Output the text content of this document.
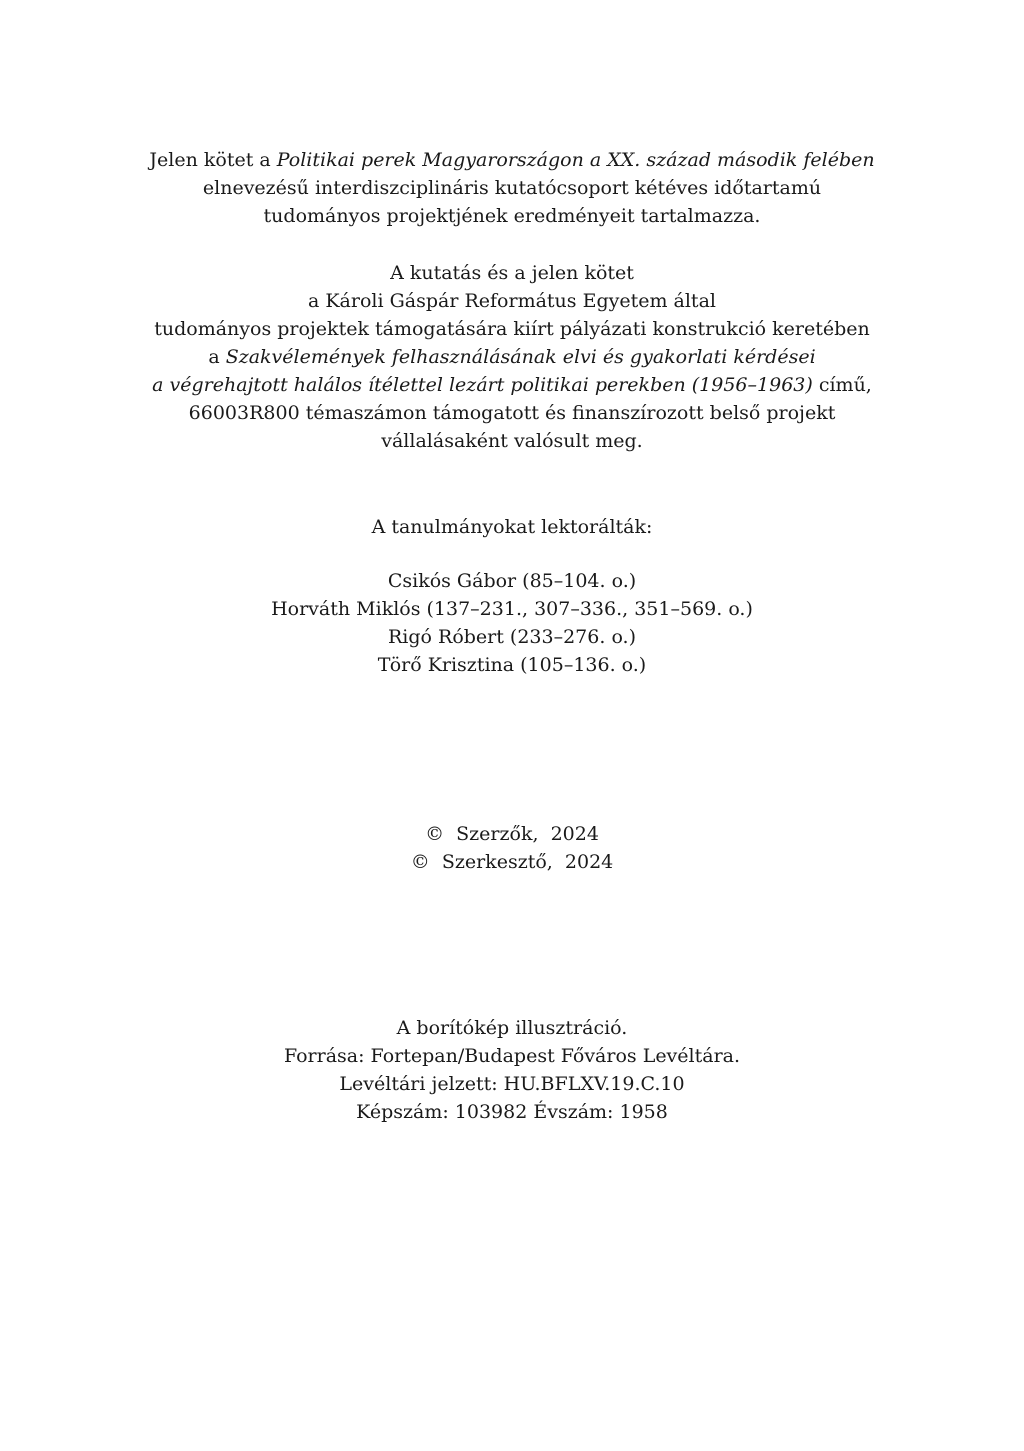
Jelen kötet a Politikai perek Magyarországon a XX. század második felében

elnevezésű interdiszciplináris kutatócsoport kétéves időtartamú

tudományos projektjének eredményeit tartalmazza.

A kutatás és a jelen kötet

a Károli Gáspár Református Egyetem által

tudományos projektek támogatására kiírt pályázati konstrukció keretében

a Szakvélemények felhasználásának elvi és gyakorlati kérdései

a végrehajtott halálos ítélettel lezárt politikai perekben (1956–1963) című,

66003R800 témaszámon támogatott és finanszírozott belső projekt

vállalásaként valósult meg.

A tanulmányokat lektorálták:

Csikós Gábor (85–104. o.)

Horváth Miklós (137–231., 307–336., 351–569. o.)

Rigó Róbert (233–276. o.)

Törő Krisztina (105–136. o.)

©  Szerzők,  2024

©  Szerkesztő,  2024

A borítókép illusztráció.

Forrása: Fortepan/Budapest Főváros Levéltára.

Levéltári jelzett: HU.BFLXV.19.C.10

Képszám: 103982 Évszám: 1958
